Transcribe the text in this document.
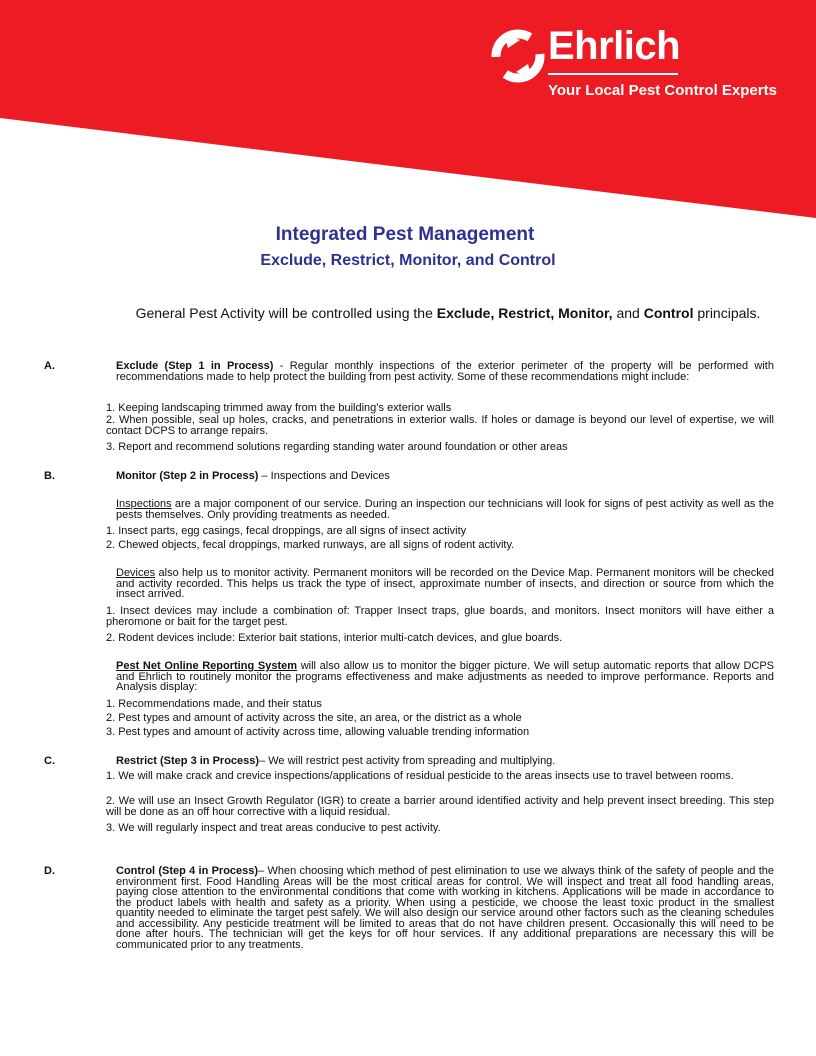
Ehrlich
Your Local Pest Control Experts
Integrated Pest Management
Exclude, Restrict, Monitor, and Control
General Pest Activity will be controlled using the Exclude, Restrict, Monitor, and Control principals.
A.	Exclude (Step 1 in Process) - Regular monthly inspections of the exterior perimeter of the property will be performed with recommendations made to help protect the building from pest activity. Some of these recommendations might include:
1. Keeping landscaping trimmed away from the building’s exterior walls
2. When possible, seal up holes, cracks, and penetrations in exterior walls. If holes or damage is beyond our level of expertise, we will contact DCPS to arrange repairs.
3. Report and recommend solutions regarding standing water around foundation or other areas
B.	Monitor (Step 2 in Process) – Inspections and Devices
Inspections are a major component of our service. During an inspection our technicians will look for signs of pest activity as well as the pests themselves. Only providing treatments as needed.
1. Insect parts, egg casings, fecal droppings, are all signs of insect activity
2. Chewed objects, fecal droppings, marked runways, are all signs of rodent activity.
Devices also help us to monitor activity. Permanent monitors will be recorded on the Device Map. Permanent monitors will be checked and activity recorded. This helps us track the type of insect, approximate number of insects, and direction or source from which the insect arrived.
1. Insect devices may include a combination of: Trapper Insect traps, glue boards, and monitors. Insect monitors will have either a pheromone or bait for the target pest.
2. Rodent devices include: Exterior bait stations, interior multi-catch devices, and glue boards.
Pest Net Online Reporting System will also allow us to monitor the bigger picture. We will setup automatic reports that allow DCPS and Ehrlich to routinely monitor the programs effectiveness and make adjustments as needed to improve performance. Reports and Analysis display:
1. Recommendations made, and their status
2. Pest types and amount of activity across the site, an area, or the district as a whole
3. Pest types and amount of activity across time, allowing valuable trending information
C.	Restrict (Step 3 in Process)– We will restrict pest activity from spreading and multiplying.
1. We will make crack and crevice inspections/applications of residual pesticide to the areas insects use to travel between rooms.
2. We will use an Insect Growth Regulator (IGR) to create a barrier around identified activity and help prevent insect breeding. This step will be done as an off hour corrective with a liquid residual.
3. We will regularly inspect and treat areas conducive to pest activity.
D.	Control (Step 4 in Process)– When choosing which method of pest elimination to use we always think of the safety of people and the environment first. Food Handling Areas will be the most critical areas for control. We will inspect and treat all food handling areas, paying close attention to the environmental conditions that come with working in kitchens. Applications will be made in accordance to the product labels with health and safety as a priority. When using a pesticide, we choose the least toxic product in the smallest quantity needed to eliminate the target pest safely. We will also design our service around other factors such as the cleaning schedules and accessibility. Any pesticide treatment will be limited to areas that do not have children present. Occasionally this will need to be done after hours. The technician will get the keys for off hour services. If any additional preparations are necessary this will be communicated prior to any treatments.
